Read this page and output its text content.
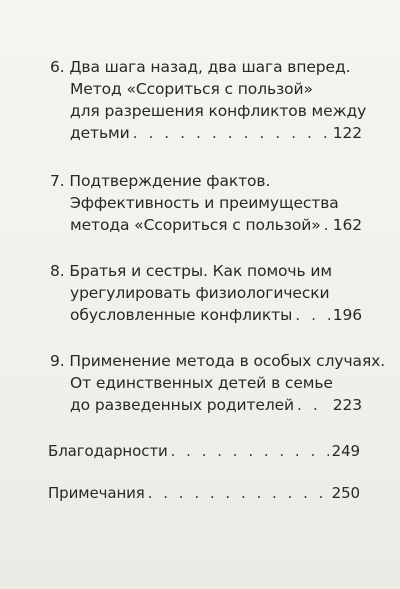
6. Два шага назад, два шага вперед.
Метод «Ссориться с пользой»
для разрешения конфликтов между
детьми . . .	122
7. Подтверждение фактов.
Эффективность и преимущества
метода «Ссориться с пользой» . . . 162
8. Братья и сестры. Как помочь им
урегулировать физиологически
обусловленные конфликты . . .	196
9. Применение метода в особых случаях.
От единственных детей в семье
до разведенных родителей . . . 223
Благодарности . . .	249
Примечания . . .	250
